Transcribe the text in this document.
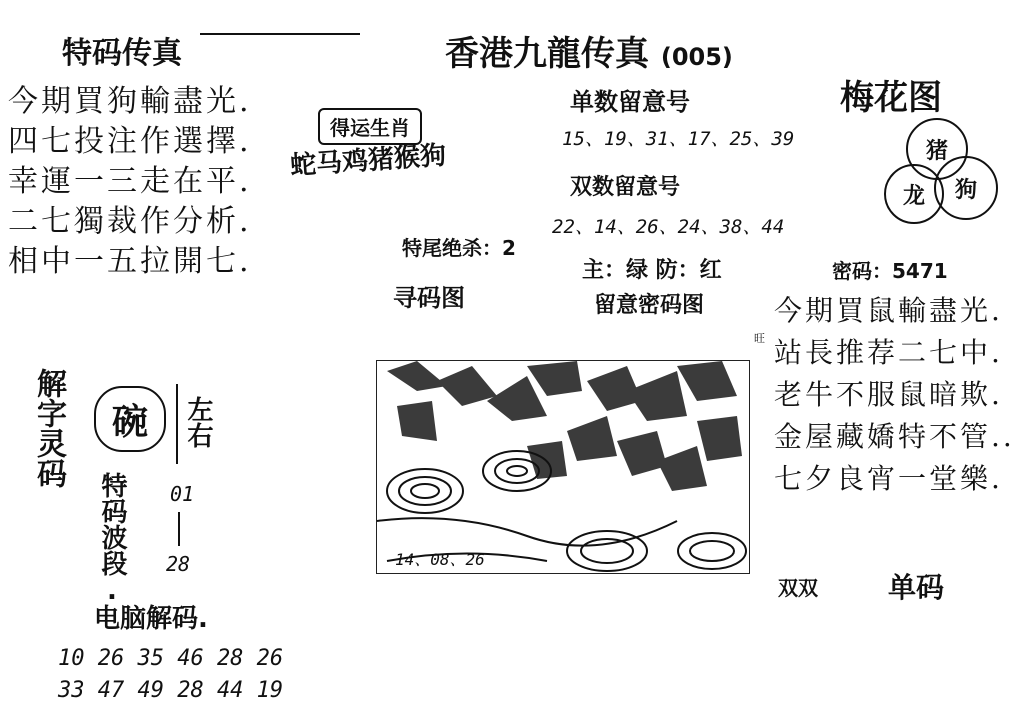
特码传真	香港九龍传真 (005)
今期買狗輸盡光.
四七投注作選擇.
幸運一三走在平.
二七獨裁作分析.
相中一五拉開七.
得运生肖
蛇马鸡猪猴狗
单数留意号
15、19、31、17、25、39
双数留意号
22、14、26、24、38、44
梅花图
猪
龙	狗
特尾绝杀：2
寻码图
主：绿 防：红
留意密码图
密码：5471
旺
14、08、26
今期買鼠輸盡光.
站長推荐二七中.
老牛不服鼠暗欺.
金屋藏嬌特不管..
七夕良宵一堂樂.
双双	单码
解字灵码	碗	左右
特码波段. 01
28
电脑解码.
10 26 35 46 28 26
33 47 49 28 44 19
